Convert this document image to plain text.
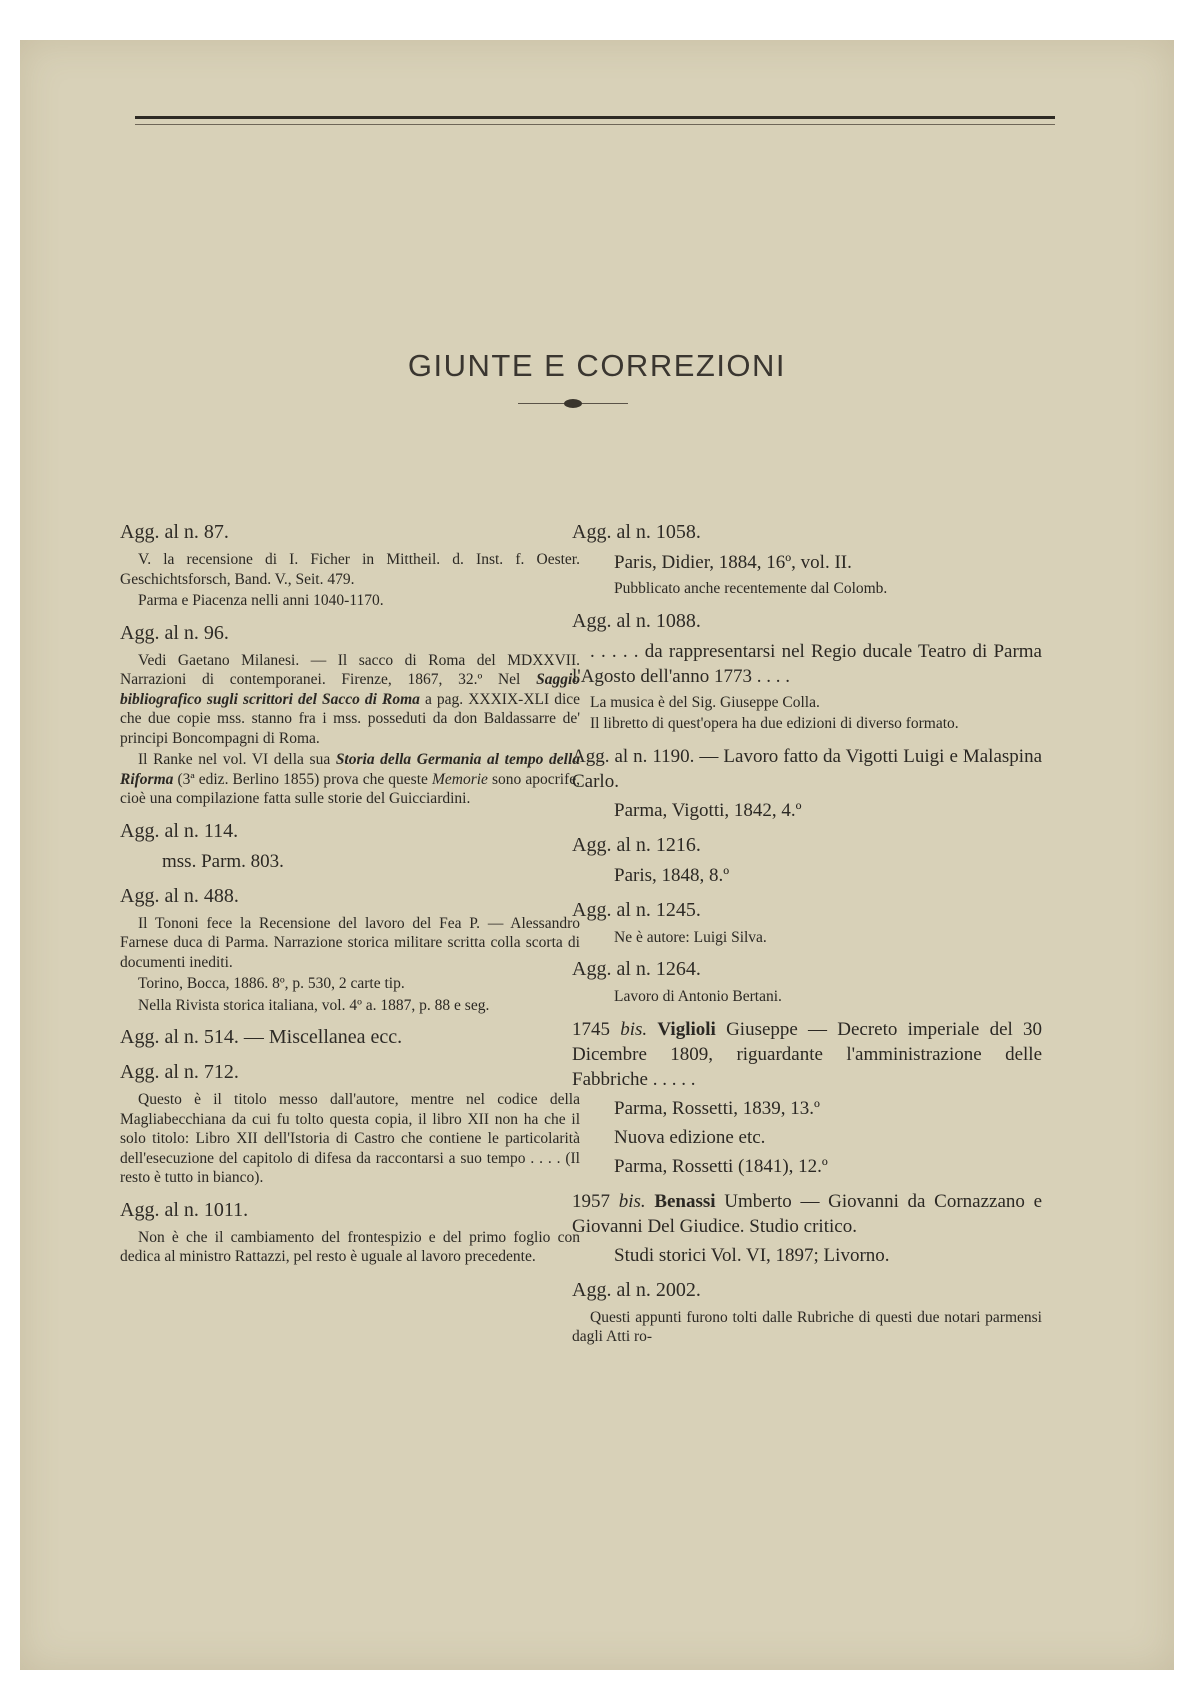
GIUNTE E CORREZIONI
Agg. al n. 87.
V. la recensione di I. Ficher in Mittheil. d. Inst. f. Oester. Geschichtsforsch, Band. V., Seit. 479.
Parma e Piacenza nelli anni 1040-1170.
Agg. al n. 96.
Vedi Gaetano Milanesi. — Il sacco di Roma del MDXXVII. Narrazioni di contemporanei. Firenze, 1867, 32.º Nel Saggio bibliografico sugli scrittori del Sacco di Roma a pag. XXXIX-XLI dice che due copie mss. stanno fra i mss. posseduti da don Baldassarre de' principi Boncompagni di Roma.
Il Ranke nel vol. VI della sua Storia della Germania al tempo della Riforma (3ª ediz. Berlino 1855) prova che queste Memorie sono apocrife, cioè una compilazione fatta sulle storie del Guicciardini.
Agg. al n. 114.
mss. Parm. 803.
Agg. al n. 488.
Il Tononi fece la Recensione del lavoro del Fea P. — Alessandro Farnese duca di Parma. Narrazione storica militare scritta colla scorta di documenti inediti.
Torino, Bocca, 1886. 8º, p. 530, 2 carte tip.
Nella Rivista storica italiana, vol. 4º a. 1887, p. 88 e seg.
Agg. al n. 514. — Miscellanea ecc.
Agg. al n. 712.
Questo è il titolo messo dall'autore, mentre nel codice della Magliabecchiana da cui fu tolto questa copia, il libro XII non ha che il solo titolo: Libro XII dell'Istoria di Castro che contiene le particolarità dell'esecuzione del capitolo di difesa da raccontarsi a suo tempo . . . . (Il resto è tutto in bianco).
Agg. al n. 1011.
Non è che il cambiamento del frontespizio e del primo foglio con dedica al ministro Rattazzi, pel resto è uguale al lavoro precedente.
Agg. al n. 1058.
Paris, Didier, 1884, 16º, vol. II.
Pubblicato anche recentemente dal Colomb.
Agg. al n. 1088.
. . . . . da rappresentarsi nel Regio ducale Teatro di Parma l'Agosto dell'anno 1773 . . . .
La musica è del Sig. Giuseppe Colla.
Il libretto di quest'opera ha due edizioni di diverso formato.
Agg. al n. 1190. — Lavoro fatto da Vigotti Luigi e Malaspina Carlo.
Parma, Vigotti, 1842, 4.º
Agg. al n. 1216.
Paris, 1848, 8.º
Agg. al n. 1245.
Ne è autore: Luigi Silva.
Agg. al n. 1264.
Lavoro di Antonio Bertani.
1745 bis. Viglioli Giuseppe — Decreto imperiale del 30 Dicembre 1809, riguardante l'amministrazione delle Fabbriche . . . . .
Parma, Rossetti, 1839, 13.º
Nuova edizione etc.
Parma, Rossetti (1841), 12.º
1957 bis. Benassi Umberto — Giovanni da Cornazzano e Giovanni Del Giudice. Studio critico.
Studi storici Vol. VI, 1897; Livorno.
Agg. al n. 2002.
Questi appunti furono tolti dalle Rubriche di questi due notari parmensi dagli Atti ro-
